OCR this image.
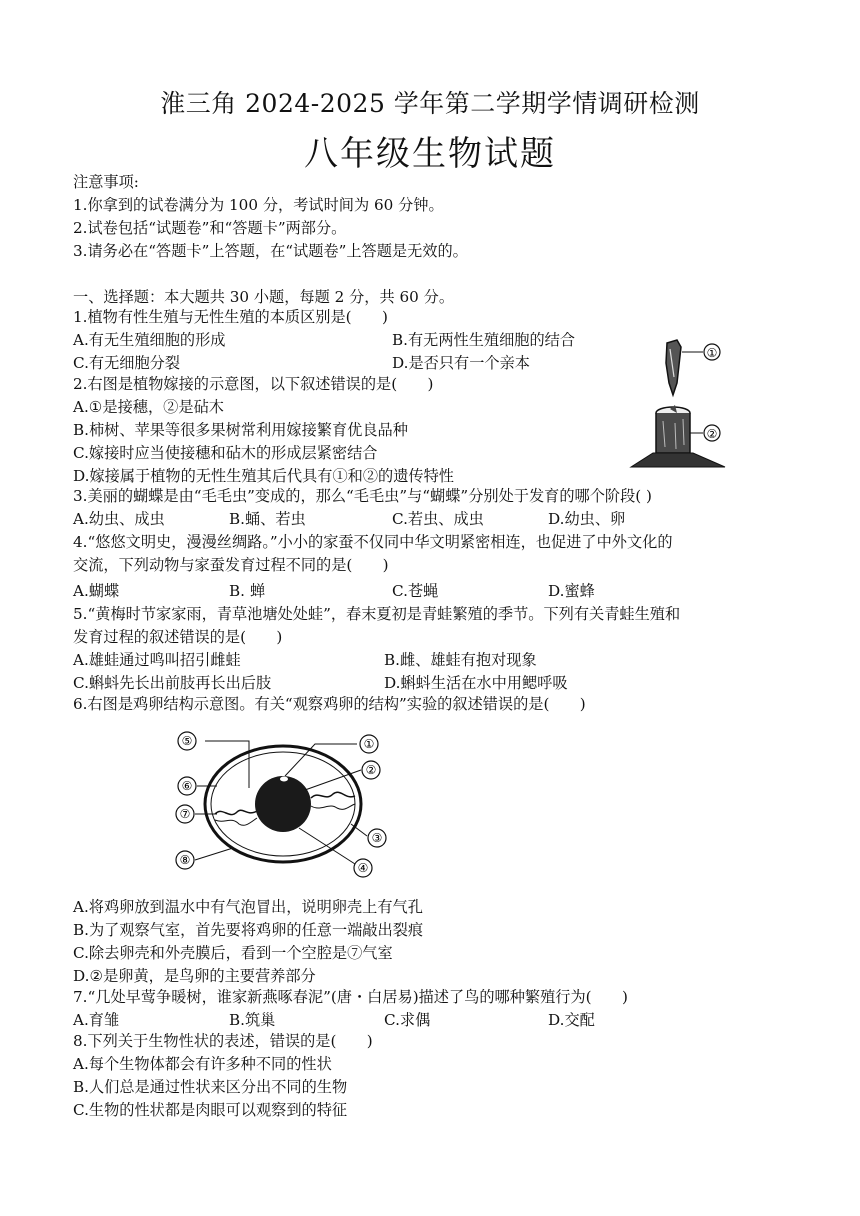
淮三角 2024-2025 学年第二学期学情调研检测
八年级生物试题
注意事项:
1.你拿到的试卷满分为 100 分，考试时间为 60 分钟。
2.试卷包括“试题卷”和“答题卡”两部分。
3.请务必在“答题卡”上答题，在“试题卷”上答题是无效的。
一、选择题：本大题共 30 小题，每题 2 分，共 60 分。
1.植物有性生殖与无性生殖的本质区别是(　　)
A.有无生殖细胞的形成	B.有无两性生殖细胞的结合
C.有无细胞分裂	D.是否只有一个亲本
2.右图是植物嫁接的示意图，以下叙述错误的是(　　)
A.①是接穗，②是砧木
B.柿树、苹果等很多果树常利用嫁接繁育优良品种
C.嫁接时应当使接穗和砧木的形成层紧密结合
D.嫁接属于植物的无性生殖其后代具有①和②的遗传特性
①
②
3.美丽的蝴蝶是由“毛毛虫”变成的，那么“毛毛虫”与“蝴蝶”分别处于发育的哪个阶段( )
A.幼虫、成虫	B.蛹、若虫	C.若虫、成虫	D.幼虫、卵
4.“悠悠文明史，漫漫丝绸路。”小小的家蚕不仅同中华文明紧密相连，也促进了中外文化的
交流，下列动物与家蚕发育过程不同的是(　　)
A.蝴蝶	B. 蝉	C.苍蝇	D.蜜蜂
5.“黄梅时节家家雨，青草池塘处处蛙”，春末夏初是青蛙繁殖的季节。下列有关青蛙生殖和
发育过程的叙述错误的是(　　)
A.雄蛙通过鸣叫招引雌蛙	B.雌、雄蛙有抱对现象
C.蝌蚪先长出前肢再长出后肢	D.蝌蚪生活在水中用鳃呼吸
6.右图是鸡卵结构示意图。有关“观察鸡卵的结构”实验的叙述错误的是(　　)
①
②
③
④
⑤
⑥
⑦
⑧
A.将鸡卵放到温水中有气泡冒出，说明卵壳上有气孔
B.为了观察气室，首先要将鸡卵的任意一端敲出裂痕
C.除去卵壳和外壳膜后，看到一个空腔是⑦气室
D.②是卵黄，是鸟卵的主要营养部分
7.“几处早莺争暖树，谁家新燕啄春泥”(唐・白居易)描述了鸟的哪种繁殖行为(　　)
A.育雏	B.筑巢	C.求偶	D.交配
8.下列关于生物性状的表述，错误的是(　　)
A.每个生物体都会有许多种不同的性状
B.人们总是通过性状来区分出不同的生物
C.生物的性状都是肉眼可以观察到的特征
